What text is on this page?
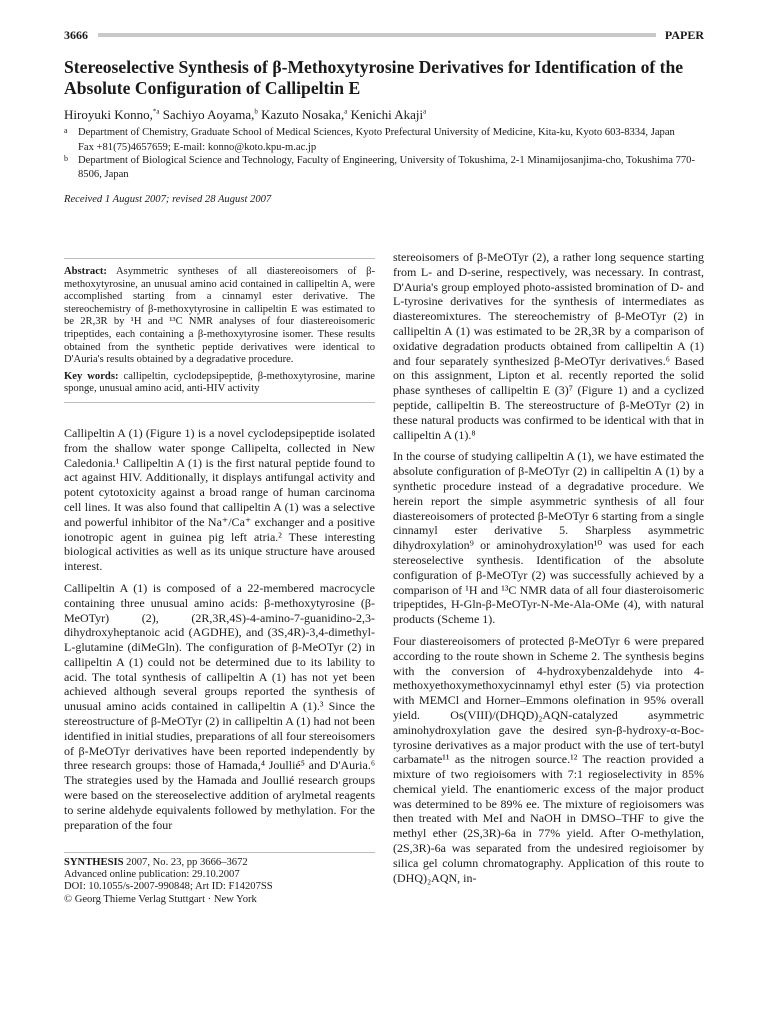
3666	PAPER
Stereoselective Synthesis of β-Methoxytyrosine Derivatives for Identification of the Absolute Configuration of Callipeltin E
Hiroyuki Konno,$^{*a}$ Sachiyo Aoyama,$^b$ Kazuto Nosaka,$^a$ Kenichi Akaji$^a$
a Department of Chemistry, Graduate School of Medical Sciences, Kyoto Prefectural University of Medicine, Kita-ku, Kyoto 603-8334, Japan
Fax +81(75)4657659; E-mail: konno@koto.kpu-m.ac.jp
b Department of Biological Science and Technology, Faculty of Engineering, University of Tokushima, 2-1 Minamijosanjima-cho, Tokushima 770-8506, Japan
Received 1 August 2007; revised 28 August 2007

Abstract: Asymmetric syntheses of all diastereoisomers of β-methoxytyrosine, an unusual amino acid contained in callipeltin A, were accomplished starting from a cinnamyl ester derivative. The stereochemistry of β-methoxytyrosine in callipeltin E was estimated to be 2R,3R by ¹H and ¹³C NMR analyses of four diastereoisomeric tripeptides, each containing a β-methoxytyrosine isomer. These results obtained from the synthetic peptide derivatives were identical to D'Auria's results obtained by a degradative procedure.

Key words: callipeltin, cyclodepsipeptide, β-methoxytyrosine, marine sponge, unusual amino acid, anti-HIV activity

Callipeltin A (1) (Figure 1) is a novel cyclodepsipeptide isolated from the shallow water sponge Callipelta, collected in New Caledonia.¹ Callipeltin A (1) is the first natural peptide found to act against HIV. Additionally, it displays antifungal activity and potent cytotoxicity against a broad range of human carcinoma cell lines. It was also found that callipeltin A (1) was a selective and powerful inhibitor of the Na⁺/Ca⁺ exchanger and a positive ionotropic agent in guinea pig left atria.² These interesting biological activities as well as its unique structure have aroused interest.

Callipeltin A (1) is composed of a 22-membered macrocycle containing three unusual amino acids: β-methoxytyrosine (β-MeOTyr) (2), (2R,3R,4S)-4-amino-7-guanidino-2,3-dihydroxyheptanoic acid (AGDHE), and (3S,4R)-3,4-dimethyl-L-glutamine (diMeGln). The configuration of β-MeOTyr (2) in callipeltin A (1) could not be determined due to its lability to acid. The total synthesis of callipeltin A (1) has not yet been achieved although several groups reported the synthesis of unusual amino acids contained in callipeltin A (1).³ Since the stereostructure of β-MeOTyr (2) in callipeltin A (1) had not been identified in initial studies, preparations of all four stereoisomers of β-MeOTyr derivatives have been reported independently by three research groups: those of Hamada,⁴ Joullié⁵ and D'Auria.⁶ The strategies used by the Hamada and Joullié research groups were based on the stereoselective addition of arylmetal reagents to serine aldehyde equivalents followed by methylation. For the preparation of the four

SYNTHESIS 2007, No. 23, pp 3666–3672
Advanced online publication: 29.10.2007
DOI: 10.1055/s-2007-990848; Art ID: F14207SS
© Georg Thieme Verlag Stuttgart · New York

stereoisomers of β-MeOTyr (2), a rather long sequence starting from L- and D-serine, respectively, was necessary. In contrast, D'Auria's group employed photo-assisted bromination of D- and L-tyrosine derivatives for the synthesis of intermediates as diastereomixtures. The stereochemistry of β-MeOTyr (2) in callipeltin A (1) was estimated to be 2R,3R by a comparison of oxidative degradation products obtained from callipeltin A (1) and four separately synthesized β-MeOTyr derivatives.⁶ Based on this assignment, Lipton et al. recently reported the solid phase syntheses of callipeltin E (3)⁷ (Figure 1) and a cyclized peptide, callipeltin B. The stereostructure of β-MeOTyr (2) in these natural products was confirmed to be identical with that in callipeltin A (1).⁸

In the course of studying callipeltin A (1), we have estimated the absolute configuration of β-MeOTyr (2) in callipeltin A (1) by a synthetic procedure instead of a degradative procedure. We herein report the simple asymmetric synthesis of all four diastereoisomers of protected β-MeOTyr 6 starting from a single cinnamyl ester derivative 5. Sharpless asymmetric dihydroxylation⁹ or aminohydroxylation¹⁰ was used for each stereoselective synthesis. Identification of the absolute configuration of β-MeOTyr (2) was successfully achieved by a comparison of ¹H and ¹³C NMR data of all four diasteroisomeric tripeptides, H-Gln-β-MeOTyr-N-Me-Ala-OMe (4), with natural products (Scheme 1).

Four diastereoisomers of protected β-MeOTyr 6 were prepared according to the route shown in Scheme 2. The synthesis begins with the conversion of 4-hydroxybenzaldehyde into 4-methoxyethoxymethoxycinnamyl ethyl ester (5) via protection with MEMCl and Horner–Emmons olefination in 95% overall yield. Os(VIII)/(DHQD)₂AQN-catalyzed asymmetric aminohydroxylation gave the desired syn-β-hydroxy-α-Boc-tyrosine derivatives as a major product with the use of tert-butyl carbamate¹¹ as the nitrogen source.¹² The reaction provided a mixture of two regioisomers with 7:1 regioselectivity in 85% chemical yield. The enantiomeric excess of the major product was determined to be 89% ee. The mixture of regioisomers was then treated with MeI and NaOH in DMSO–THF to give the methyl ether (2S,3R)-6a in 77% yield. After O-methylation, (2S,3R)-6a was separated from the undesired regioisomer by silica gel column chromatography. Application of this route to (DHQ)₂AQN, in-
